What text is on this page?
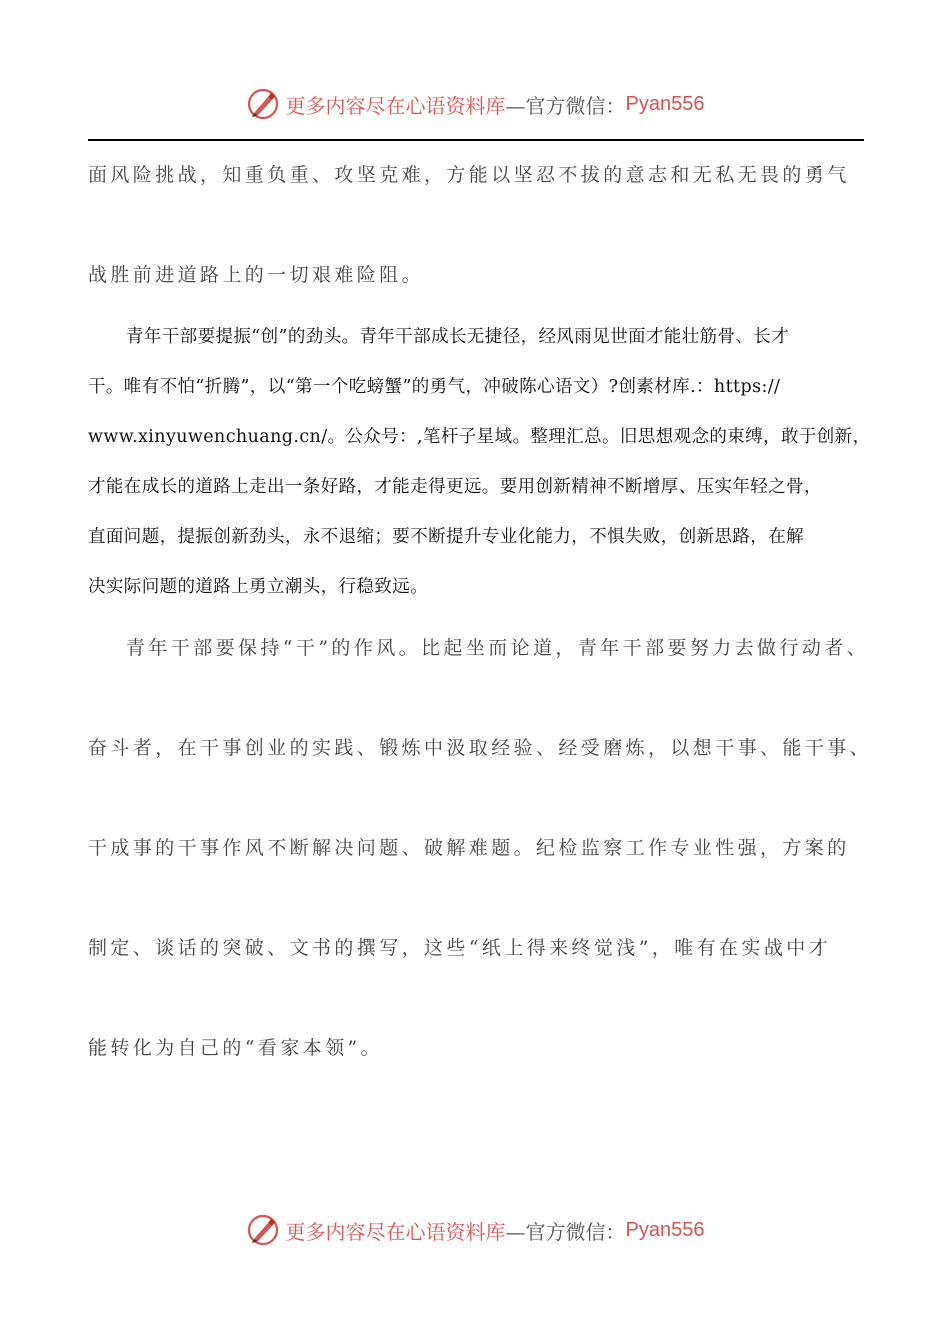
更多内容尽在心语资料库 —官方微信： Pyan556
面风险挑战，知重负重、攻坚克难，方能以坚忍不拔的意志和无私无畏的勇气
战胜前进道路上的一切艰难险阻。
青年干部要提振“创”的劲头。青年干部成长无捷径，经风雨见世面才能壮筋骨、长才
干。唯有不怕“折腾”，以“第一个吃螃蟹”的勇气，冲破陈心语文）?创素材库.：https://
www.xinyuwenchuang.cn/。公众号：,笔杆子星域。整理汇总。旧思想观念的束缚，敢于创新，
才能在成长的道路上走出一条好路，才能走得更远。要用创新精神不断增厚、压实年轻之骨，
直面问题，提振创新劲头，永不退缩；要不断提升专业化能力，不惧失败，创新思路，在解
决实际问题的道路上勇立潮头，行稳致远。
青年干部要保持“干”的作风。比起坐而论道，青年干部要努力去做行动者、
奋斗者，在干事创业的实践、锻炼中汲取经验、经受磨炼，以想干事、能干事、
干成事的干事作风不断解决问题、破解难题。纪检监察工作专业性强，方案的
制定、谈话的突破、文书的撰写，这些“纸上得来终觉浅”，唯有在实战中才
能转化为自己的“看家本领”。
更多内容尽在心语资料库 —官方微信： Pyan556
